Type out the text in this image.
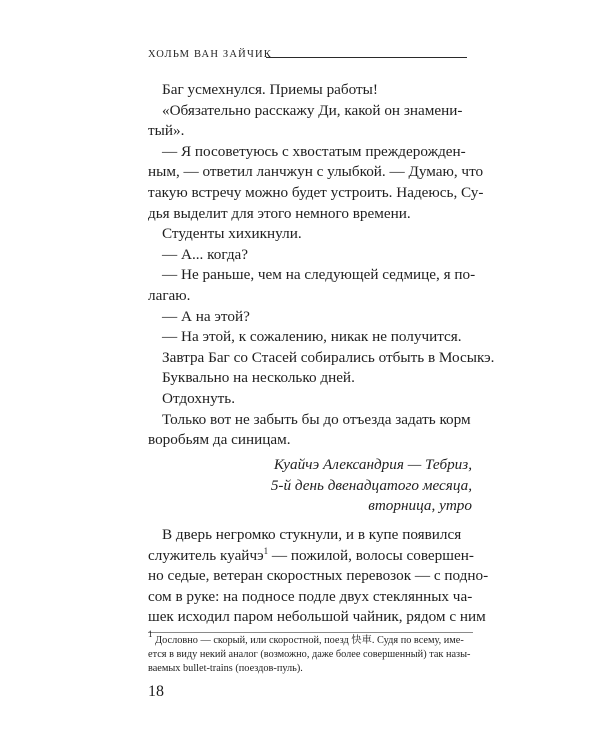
ХОЛЬМ ВАН ЗАЙЧИК
Баг усмехнулся. Приемы работы!
«Обязательно расскажу Ди, какой он знамени-
тый».
— Я посоветуюсь с хвостатым преждерожден-
ным, — ответил ланчжун с улыбкой. — Думаю, что
такую встречу можно будет устроить. Надеюсь, Су-
дья выделит для этого немного времени.
Студенты хихикнули.
— А... когда?
— Не раньше, чем на следующей седмице, я по-
лагаю.
— А на этой?
— На этой, к сожалению, никак не получится.
Завтра Баг со Стасей собирались отбыть в Мосыкэ.
Буквально на несколько дней.
Отдохнуть.
Только вот не забыть бы до отъезда задать корм
воробьям да синицам.
Куайчэ Александрия — Тебриз,
5-й день двенадцатого месяца,
вторница, утро
В дверь негромко стукнули, и в купе появился
служитель куайчэ$^1$ — пожилой, волосы совершен-
но седые, ветеран скоростных перевозок — с подно-
сом в руке: на подносе подле двух стеклянных ча-
шек исходил паром небольшой чайник, рядом с ним
$^1$ Дословно — скорый, или скоростной, поезд 快車. Судя по всему, име-
ется в виду некий аналог (возможно, даже более совершенный) так назы-
ваемых bullet-trains (поездов-пуль).
18
